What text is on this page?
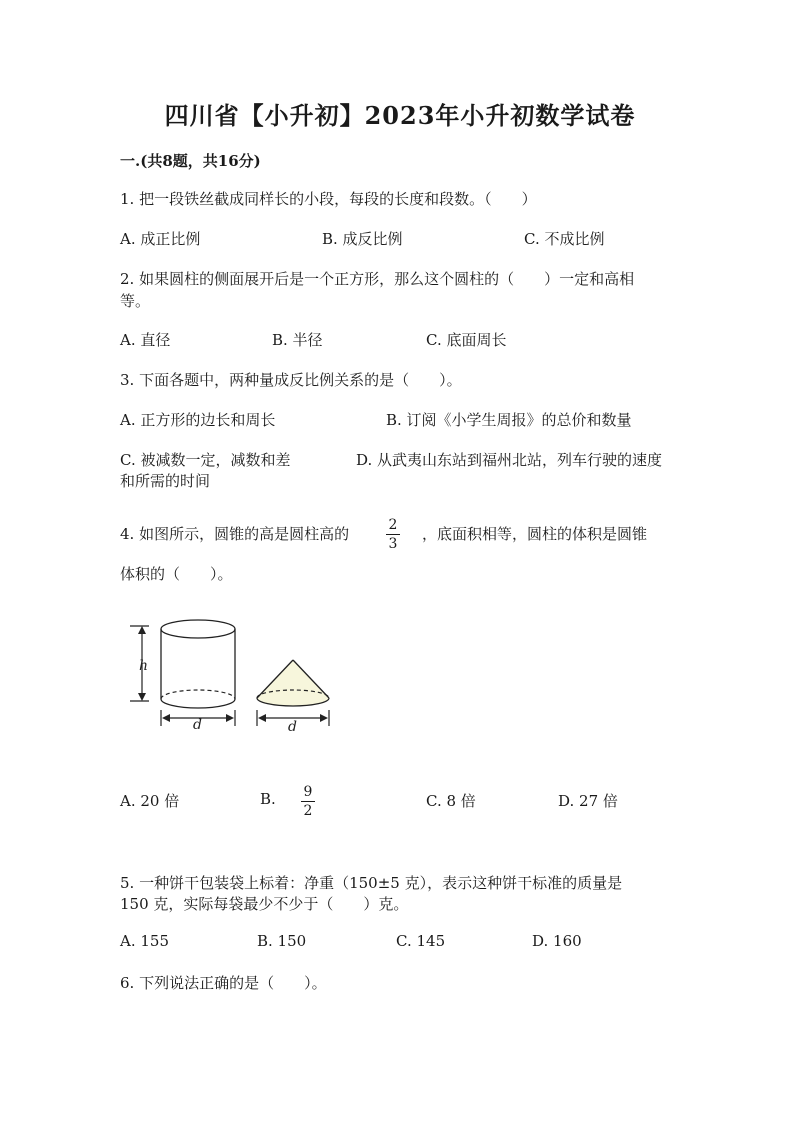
四川省【小升初】2023年小升初数学试卷
一.(共8题，共16分)
1. 把一段铁丝截成同样长的小段，每段的长度和段数。（　　）
A. 成正比例	B. 成反比例	C. 不成比例
2. 如果圆柱的侧面展开后是一个正方形，那么这个圆柱的（　　）一定和高相
等。
A. 直径	B. 半径	C. 底面周长
3. 下面各题中，两种量成反比例关系的是（　　）。
A. 正方形的边长和周长	B. 订阅《小学生周报》的总价和数量
C. 被减数一定，减数和差	D. 从武夷山东站到福州北站，列车行驶的速度
和所需的时间
4. 如图所示，圆锥的高是圆柱高的	2
3
，底面积相等，圆柱的体积是圆锥
体积的（　　）。
h
d	d
A. 20 倍	B.	9
2
C. 8 倍	D. 27 倍
5. 一种饼干包装袋上标着：净重（150±5 克），表示这种饼干标准的质量是
150 克，实际每袋最少不少于（　　）克。
A. 155	B. 150	C. 145	D. 160
6. 下列说法正确的是（　　）。
